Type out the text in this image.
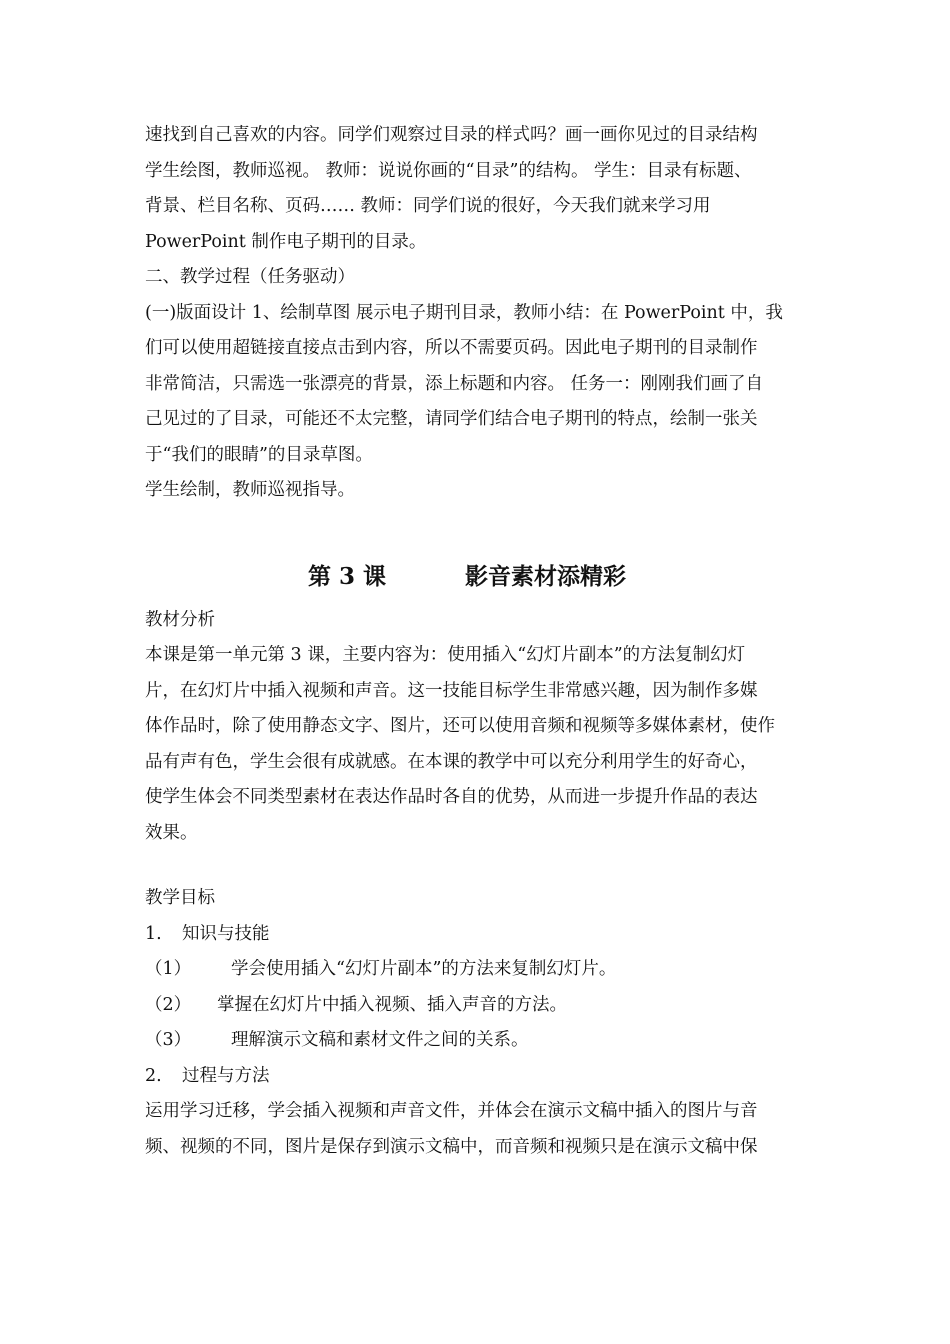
速找到自己喜欢的内容。同学们观察过目录的样式吗？画一画你见过的目录结构
学生绘图，教师巡视。 教师：说说你画的“目录”的结构。 学生：目录有标题、
背景、栏目名称、页码…… 教师：同学们说的很好，今天我们就来学习用
PowerPoint 制作电子期刊的目录。
二、教学过程（任务驱动）
(一)版面设计 1、绘制草图 展示电子期刊目录，教师小结：在 PowerPoint 中，我
们可以使用超链接直接点击到内容，所以不需要页码。因此电子期刊的目录制作
非常简洁，只需选一张漂亮的背景，添上标题和内容。 任务一：刚刚我们画了自
己见过的了目录，可能还不太完整，请同学们结合电子期刊的特点，绘制一张关
于“我们的眼睛”的目录草图。
学生绘制，教师巡视指导。
第 3 课	影音素材添精彩
教材分析
本课是第一单元第 3 课，主要内容为：使用插入“幻灯片副本”的方法复制幻灯
片，在幻灯片中插入视频和声音。这一技能目标学生非常感兴趣，因为制作多媒
体作品时，除了使用静态文字、图片，还可以使用音频和视频等多媒体素材，使作
品有声有色，学生会很有成就感。在本课的教学中可以充分利用学生的好奇心，
使学生体会不同类型素材在表达作品时各自的优势，从而进一步提升作品的表达
效果。
教学目标
1. 知识与技能
（1） 学会使用插入“幻灯片副本”的方法来复制幻灯片。
（2） 掌握在幻灯片中插入视频、插入声音的方法。
（3） 理解演示文稿和素材文件之间的关系。
2. 过程与方法
运用学习迁移，学会插入视频和声音文件，并体会在演示文稿中插入的图片与音
频、视频的不同，图片是保存到演示文稿中，而音频和视频只是在演示文稿中保
